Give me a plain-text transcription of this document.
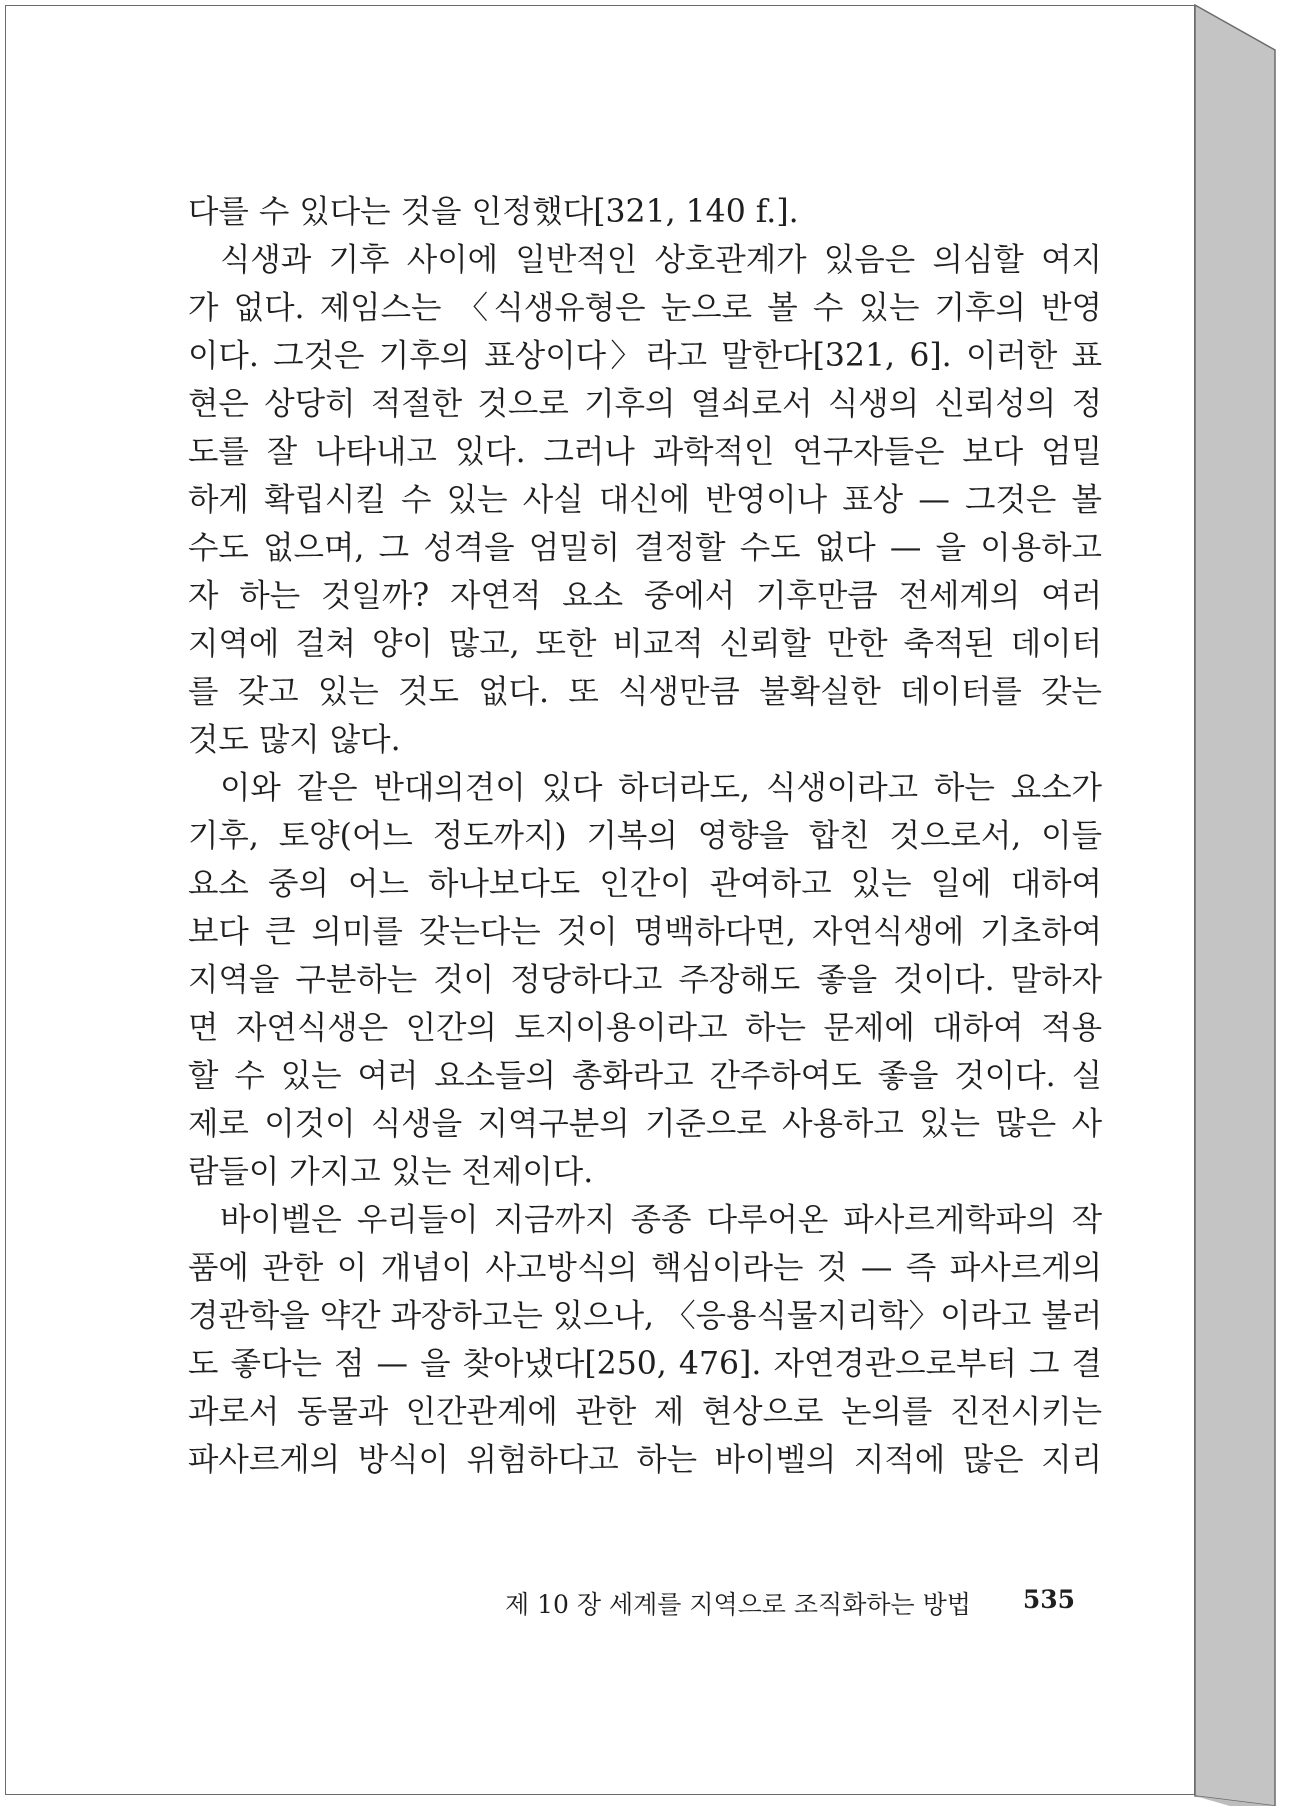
다를 수 있다는 것을 인정했다[321, 140 f.].
식생과 기후 사이에 일반적인 상호관계가 있음은 의심할 여지
가 없다. 제임스는 〈식생유형은 눈으로 볼 수 있는 기후의 반영
이다. 그것은 기후의 표상이다〉라고 말한다[321, 6]. 이러한 표
현은 상당히 적절한 것으로 기후의 열쇠로서 식생의 신뢰성의 정
도를 잘 나타내고 있다. 그러나 과학적인 연구자들은 보다 엄밀
하게 확립시킬 수 있는 사실 대신에 반영이나 표상 — 그것은 볼
수도 없으며, 그 성격을 엄밀히 결정할 수도 없다 — 을 이용하고
자 하는 것일까? 자연적 요소 중에서 기후만큼 전세계의 여러
지역에 걸쳐 양이 많고, 또한 비교적 신뢰할 만한 축적된 데이터
를 갖고 있는 것도 없다. 또 식생만큼 불확실한 데이터를 갖는
것도 많지 않다.
이와 같은 반대의견이 있다 하더라도, 식생이라고 하는 요소가
기후, 토양(어느 정도까지) 기복의 영향을 합친 것으로서, 이들
요소 중의 어느 하나보다도 인간이 관여하고 있는 일에 대하여
보다 큰 의미를 갖는다는 것이 명백하다면, 자연식생에 기초하여
지역을 구분하는 것이 정당하다고 주장해도 좋을 것이다. 말하자
면 자연식생은 인간의 토지이용이라고 하는 문제에 대하여 적용
할 수 있는 여러 요소들의 총화라고 간주하여도 좋을 것이다. 실
제로 이것이 식생을 지역구분의 기준으로 사용하고 있는 많은 사
람들이 가지고 있는 전제이다.
바이벨은 우리들이 지금까지 종종 다루어온 파사르게학파의 작
품에 관한 이 개념이 사고방식의 핵심이라는 것 — 즉 파사르게의
경관학을 약간 과장하고는 있으나, 〈응용식물지리학〉이라고 불러
도 좋다는 점 — 을 찾아냈다[250, 476]. 자연경관으로부터 그 결
과로서 동물과 인간관계에 관한 제 현상으로 논의를 진전시키는
파사르게의 방식이 위험하다고 하는 바이벨의 지적에 많은 지리
제 10 장 세계를 지역으로 조직화하는 방법 535
